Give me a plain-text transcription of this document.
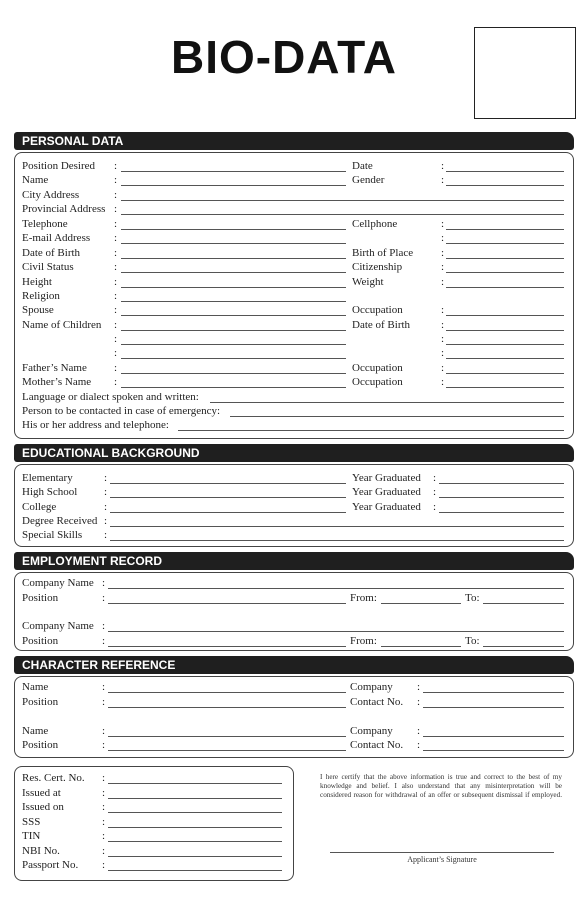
BIO-DATA
PERSONAL DATA
Position Desired
Name
City Address
Provincial Address
Telephone
E-mail Address
Date of Birth
Civil Status
Height
Religion
Spouse
Name of Children
Father’s Name
Mother’s Name
:
:
:
:
:
:
:
:
:
:
:
:
:
:
:
:
Date
Gender
Cellphone
Birth of Place
Citizenship
Weight
Occupation
Date of Birth
Occupation
Occupation
:
:
:
:
:
:
:
:
:
:
:
:
:
Language or dialect spoken and written:
Person to be contacted in case of emergency:
His or her address and telephone:
EDUCATIONAL BACKGROUND
Elementary
High School
College
Degree Received
Special Skills
:
:
:
:
:
Year Graduated
Year Graduated
Year Graduated
:
:
:
EMPLOYMENT RECORD
Company Name
Position
Company Name
Position
:
:
:
:
From:	To:
From:	To:
CHARACTER REFERENCE
Name
Position
Name
Position
:
:
:
:
Company
Contact No.
Company
Contact No.
:
:
:
:
Res. Cert. No.
Issued at
Issued on
SSS
TIN
NBI No.
Passport No.
:
:
:
:
:
:
:
I here certify that the above information is true and correct to the best of my knowledge and belief. I also understand that any misinterpretation will be considered reason for withdrawal of an offer or subsequent dismissal if employed.
Applicant’s Signature
